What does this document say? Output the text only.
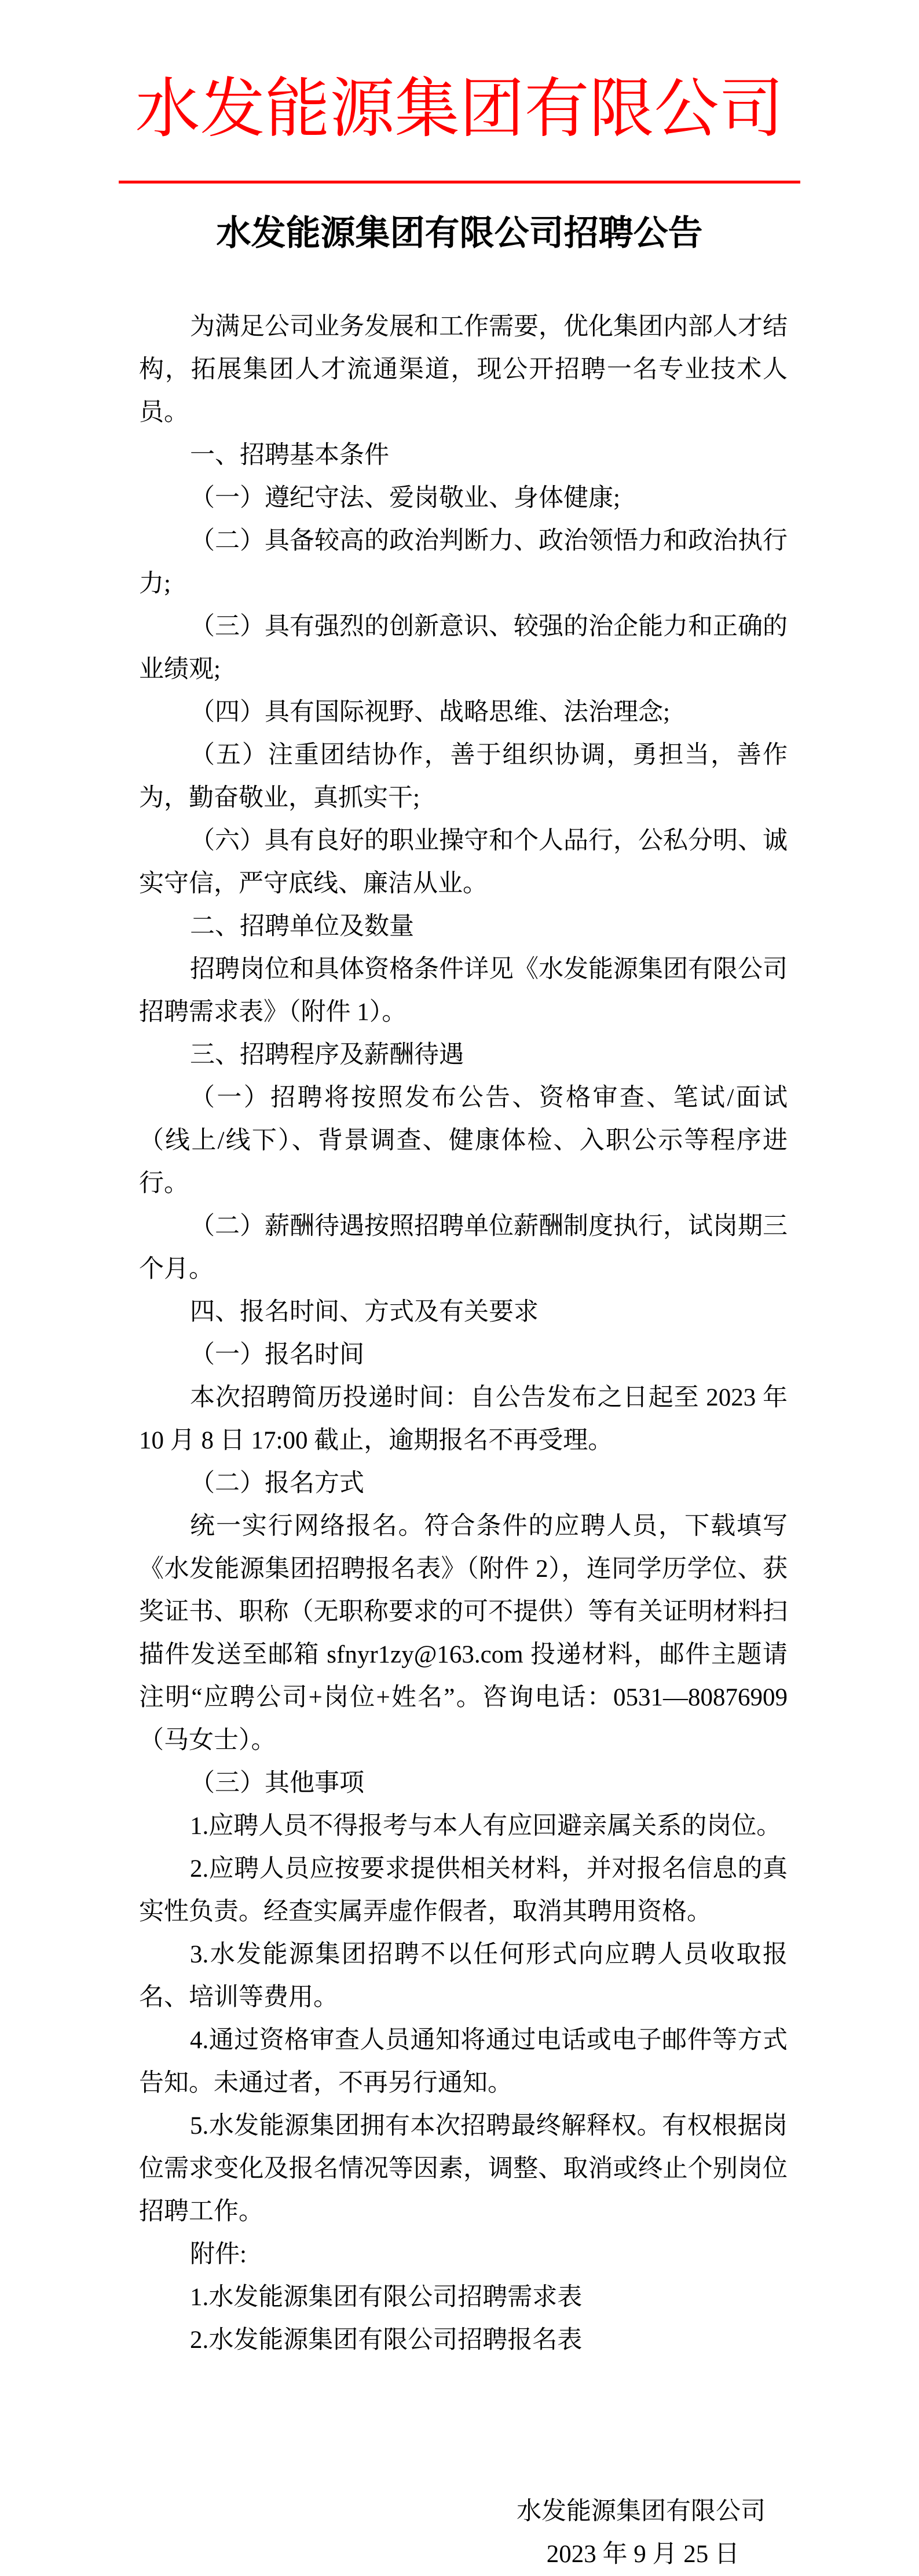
水发能源集团有限公司
水发能源集团有限公司招聘公告

为满足公司业务发展和工作需要，优化集团内部人才结构，拓展集团人才流通渠道，现公开招聘一名专业技术人员。

一、招聘基本条件

（一）遵纪守法、爱岗敬业、身体健康;

（二）具备较高的政治判断力、政治领悟力和政治执行力;

（三）具有强烈的创新意识、较强的治企能力和正确的业绩观;

（四）具有国际视野、战略思维、法治理念;

（五）注重团结协作，善于组织协调，勇担当，善作为，勤奋敬业，真抓实干;

（六）具有良好的职业操守和个人品行，公私分明、诚实守信，严守底线、廉洁从业。

二、招聘单位及数量

招聘岗位和具体资格条件详见《水发能源集团有限公司招聘需求表》（附件 1）。

三、招聘程序及薪酬待遇

（一）招聘将按照发布公告、资格审查、笔试/面试（线上/线下）、背景调查、健康体检、入职公示等程序进行。

（二）薪酬待遇按照招聘单位薪酬制度执行，试岗期三个月。

四、报名时间、方式及有关要求

（一）报名时间

本次招聘简历投递时间：自公告发布之日起至 2023 年 10 月 8 日 17:00 截止，逾期报名不再受理。

（二）报名方式

统一实行网络报名。符合条件的应聘人员，下载填写《水发能源集团招聘报名表》（附件 2），连同学历学位、获奖证书、职称（无职称要求的可不提供）等有关证明材料扫描件发送至邮箱 sfnyr1zy@163.com 投递材料，邮件主题请注明“应聘公司+岗位+姓名”。咨询电话：0531—80876909（马女士）。

（三）其他事项

1.应聘人员不得报考与本人有应回避亲属关系的岗位。

2.应聘人员应按要求提供相关材料，并对报名信息的真实性负责。经查实属弄虚作假者，取消其聘用资格。

3.水发能源集团招聘不以任何形式向应聘人员收取报名、培训等费用。

4.通过资格审查人员通知将通过电话或电子邮件等方式告知。未通过者，不再另行通知。

5.水发能源集团拥有本次招聘最终解释权。有权根据岗位需求变化及报名情况等因素，调整、取消或终止个别岗位招聘工作。

附件:

1.水发能源集团有限公司招聘需求表

2.水发能源集团有限公司招聘报名表

水发能源集团有限公司
2023 年 9 月 25 日
